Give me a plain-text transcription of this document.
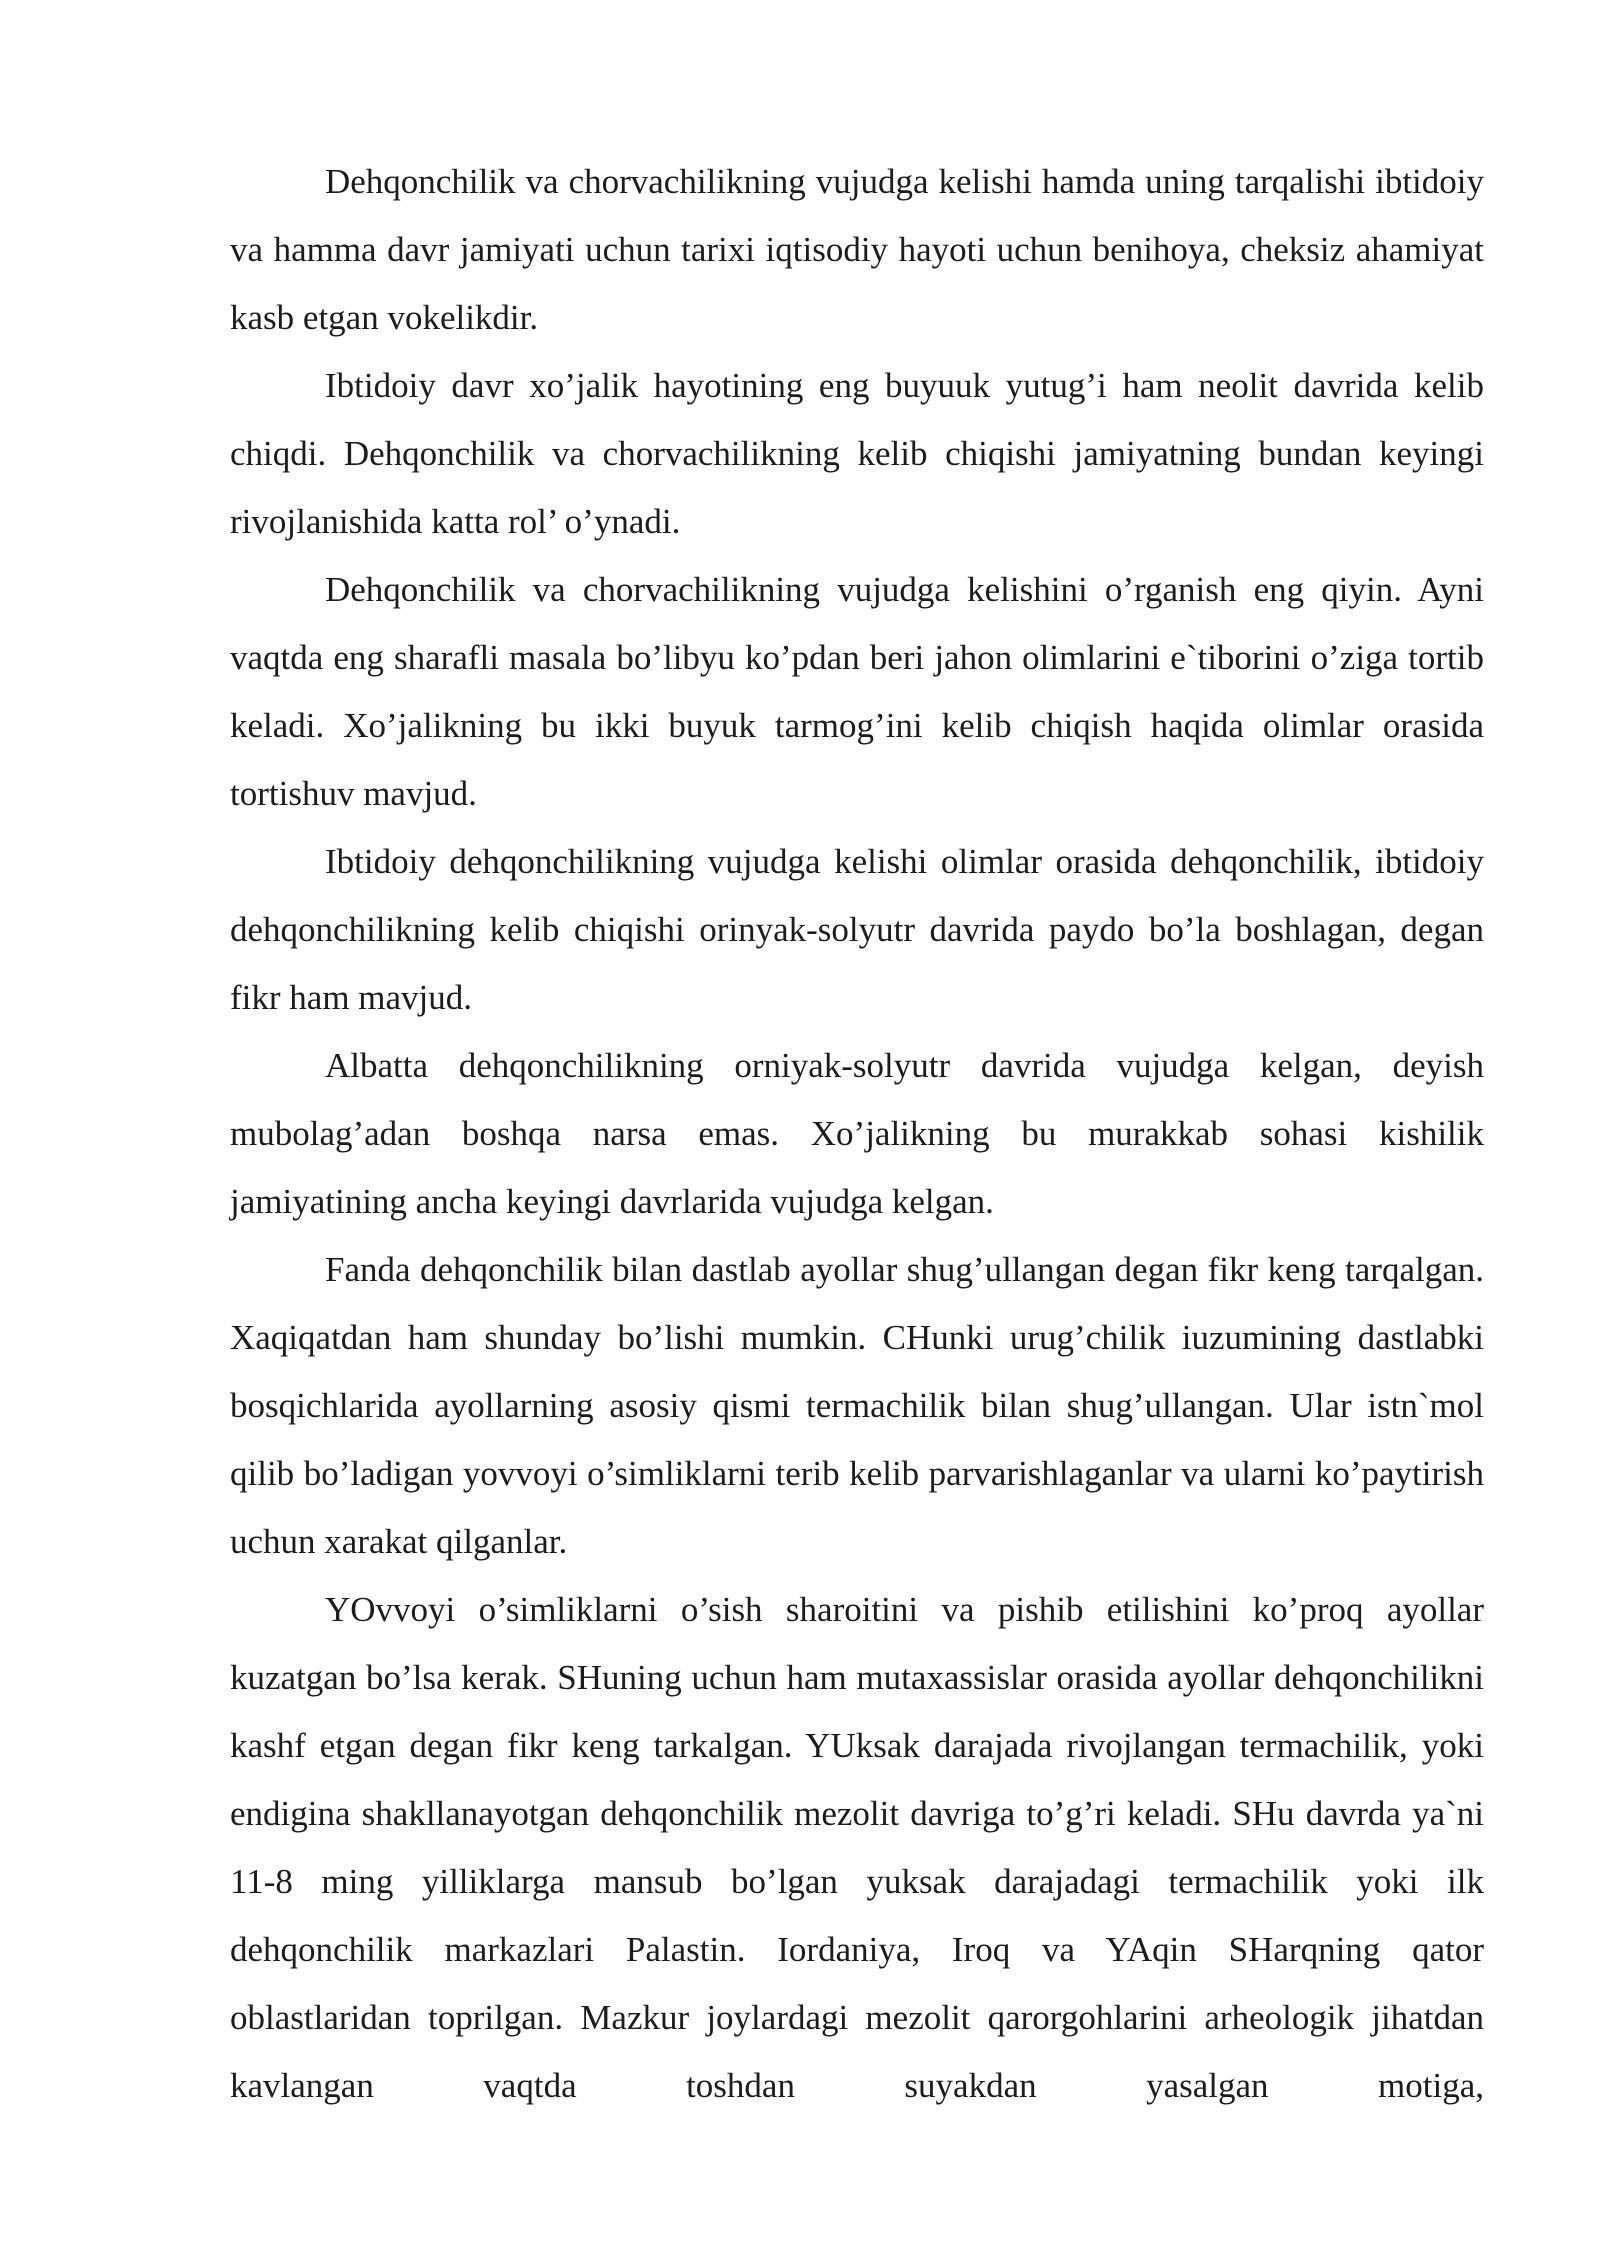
Dehqonchilik va chorvachilikning vujudga kelishi hamda uning tarqalishi ibtidoiy va hamma davr jamiyati uchun tarixi iqtisodiy hayoti uchun benihoya, cheksiz ahamiyat kasb etgan vokelikdir.

Ibtidoiy davr xo’jalik hayotining eng buyuuk yutug’i ham neolit davrida kelib chiqdi. Dehqonchilik va chorvachilikning kelib chiqishi jamiyatning bundan keyingi rivojlanishida katta rol’ o’ynadi.

Dehqonchilik va chorvachilikning vujudga kelishini o’rganish eng qiyin. Ayni vaqtda eng sharafli masala bo’libyu ko’pdan beri jahon olimlarini e`tiborini o’ziga tortib keladi. Xo’jalikning bu ikki buyuk tarmog’ini kelib chiqish haqida olimlar orasida tortishuv mavjud.

Ibtidoiy dehqonchilikning vujudga kelishi olimlar orasida dehqonchilik, ibtidoiy dehqonchilikning kelib chiqishi orinyak-solyutr davrida paydo bo’la boshlagan, degan fikr ham mavjud.

Albatta dehqonchilikning orniyak-solyutr davrida vujudga kelgan, deyish mubolag’adan boshqa narsa emas. Xo’jalikning bu murakkab sohasi kishilik jamiyatining ancha keyingi davrlarida vujudga kelgan.

Fanda dehqonchilik bilan dastlab ayollar shug’ullangan degan fikr keng tarqalgan. Xaqiqatdan ham shunday bo’lishi mumkin. CHunki urug’chilik iuzumining dastlabki bosqichlarida ayollarning asosiy qismi termachilik bilan shug’ullangan. Ular istn`mol qilib bo’ladigan yovvoyi o’simliklarni terib kelib parvarishlaganlar va ularni ko’paytirish uchun xarakat qilganlar.

YOvvoyi o’simliklarni o’sish sharoitini va pishib etilishini ko’proq ayollar kuzatgan bo’lsa kerak. SHuning uchun ham mutaxassislar orasida ayollar dehqonchilikni kashf etgan degan fikr keng tarkalgan. YUksak darajada rivojlangan termachilik, yoki endigina shakllanayotgan dehqonchilik mezolit davriga to’g’ri keladi. SHu davrda ya`ni 11-8 ming yilliklarga mansub bo’lgan yuksak darajadagi termachilik yoki ilk dehqonchilik markazlari Palastin. Iordaniya, Iroq va YAqin SHarqning qator oblastlaridan toprilgan. Mazkur joylardagi mezolit qarorgohlarini arheologik jihatdan kavlangan vaqtda toshdan suyakdan yasalgan motiga,
